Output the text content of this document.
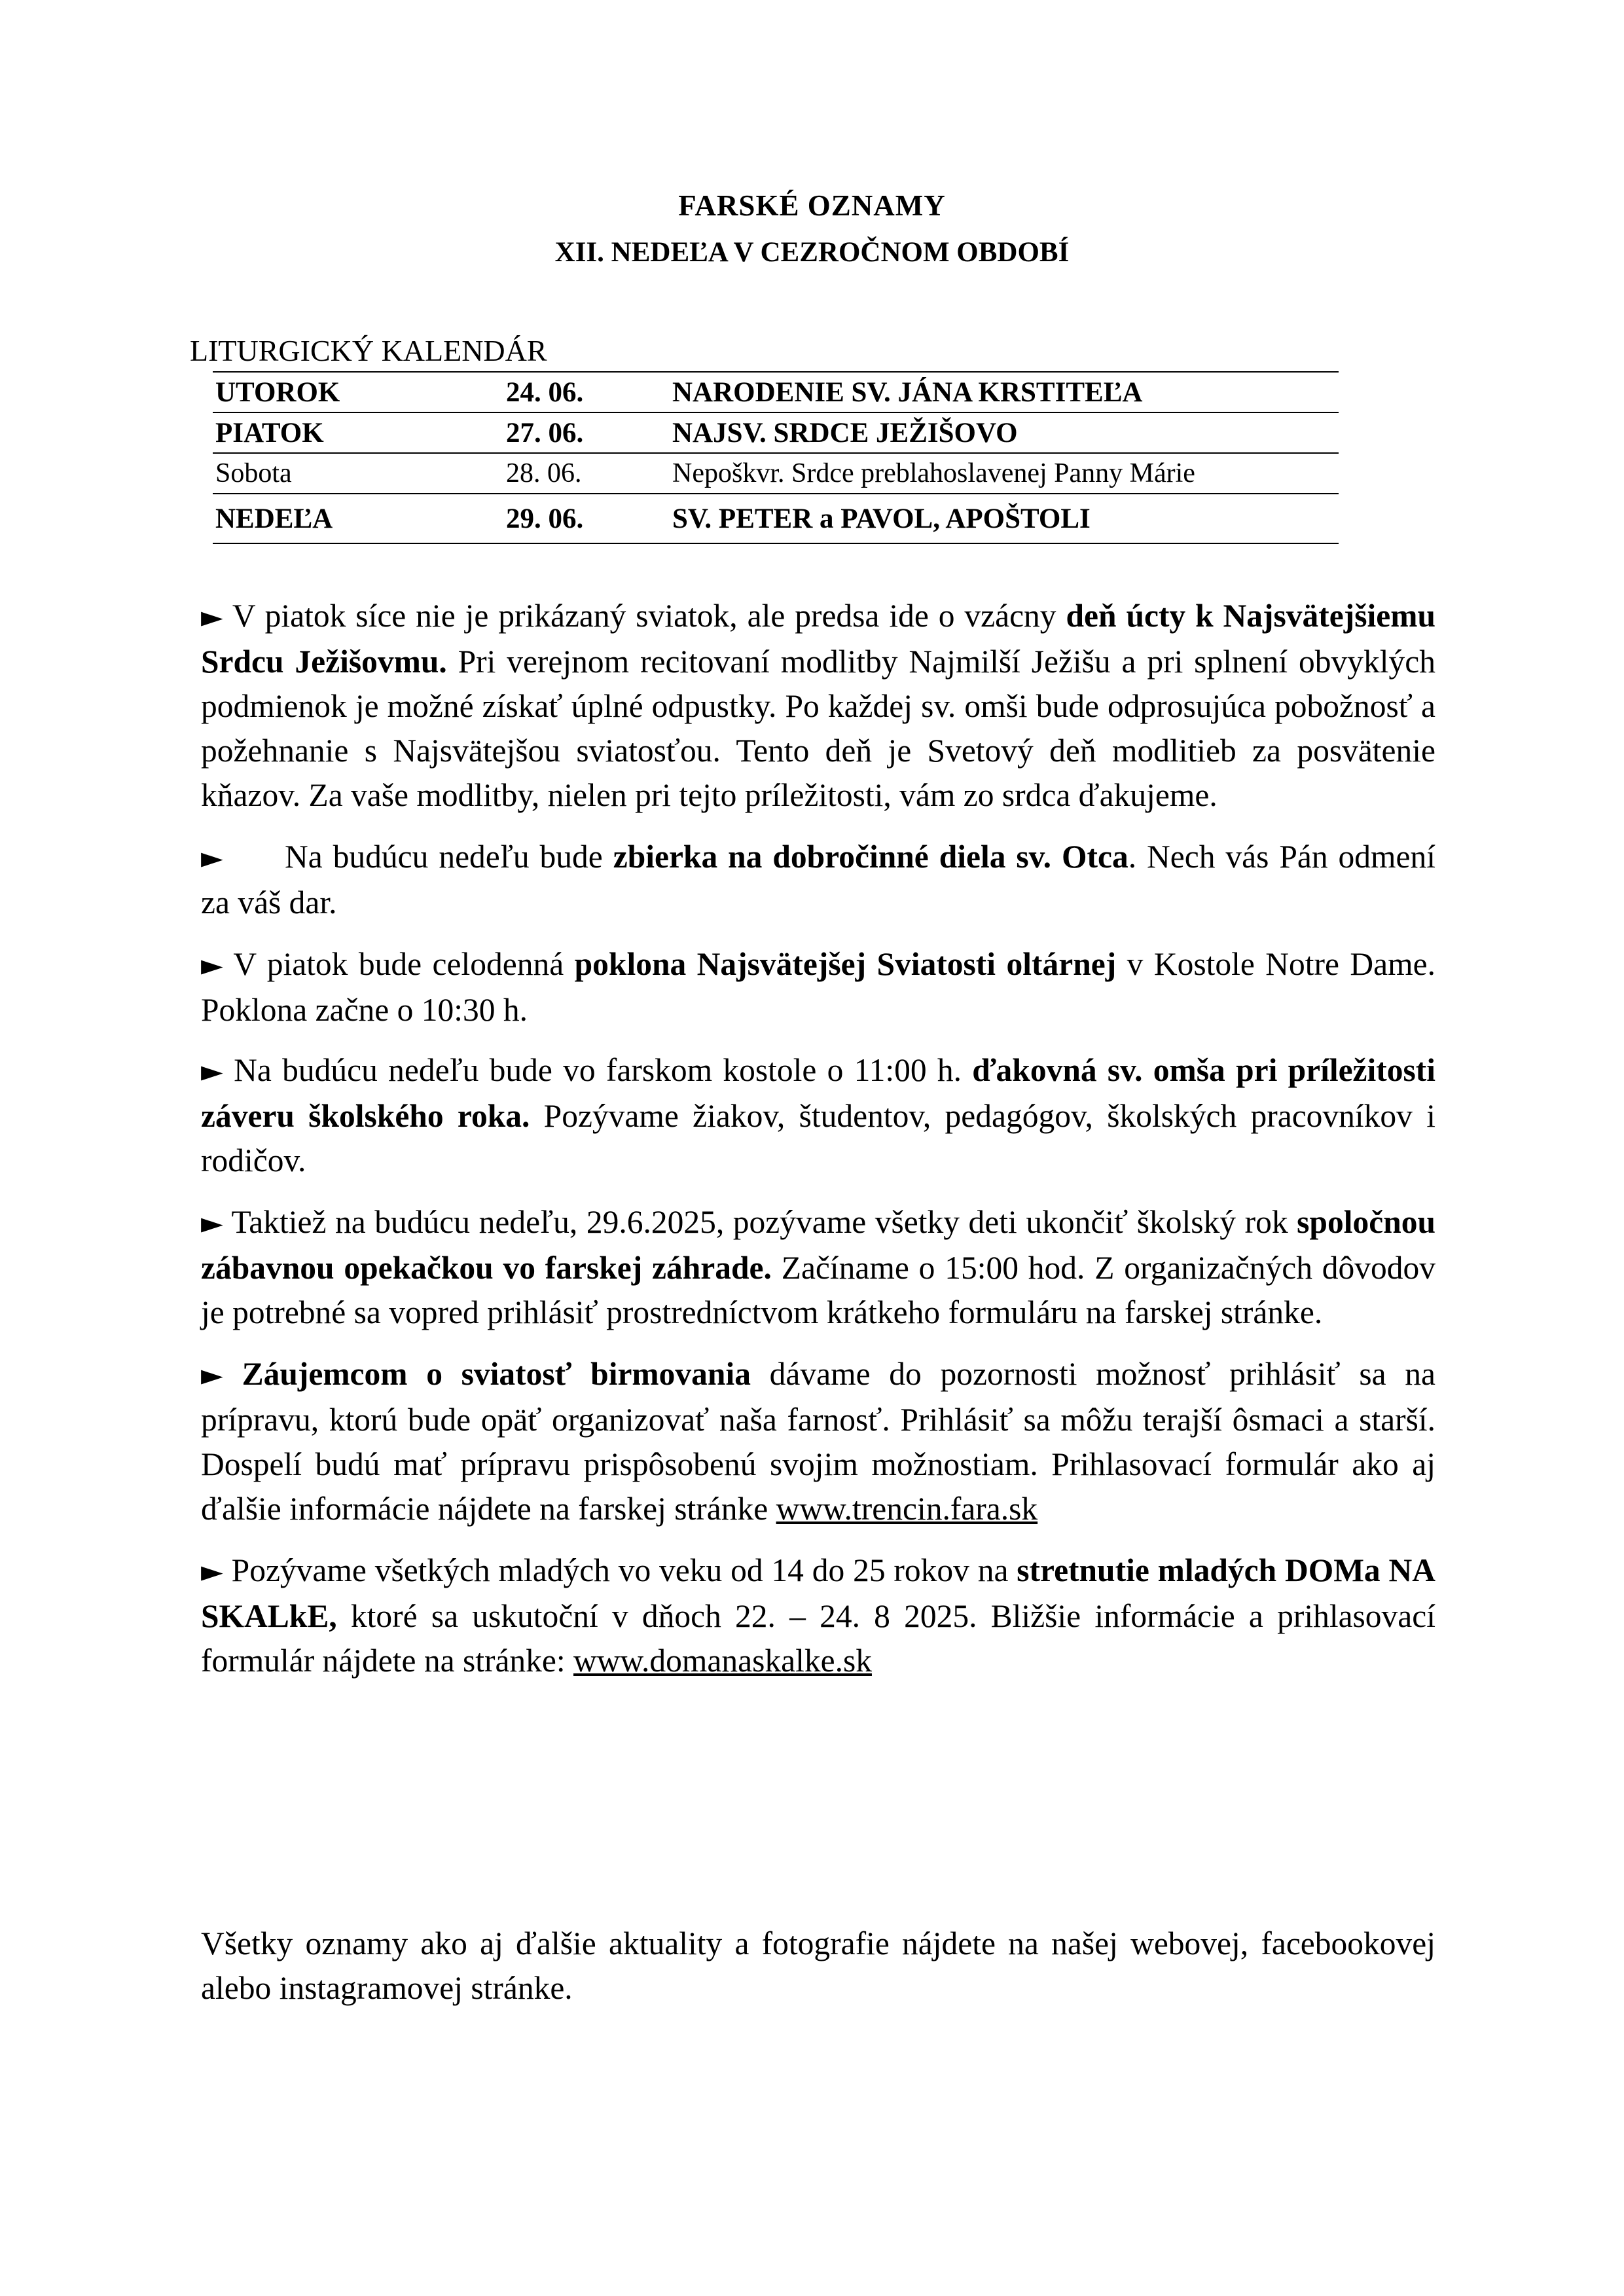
FARSKÉ OZNAMY
XII. NEDEĽA V CEZROČNOM OBDOBÍ
LITURGICKÝ KALENDÁR
UTOROK	24. 06.	NARODENIE SV. JÁNA KRSTITEĽA
PIATOK	27. 06.	NAJSV. SRDCE JEŽIŠOVO
Sobota	28. 06.	Nepoškvr. Srdce preblahoslavenej Panny Márie
NEDEĽA	29. 06.	SV. PETER a PAVOL, APOŠTOLI

► V piatok síce nie je prikázaný sviatok, ale predsa ide o vzácny deň úcty k Najsvätejšiemu Srdcu Ježišovmu. Pri verejnom recitovaní modlitby Najmilší Ježišu a pri splnení obvyklých podmienok je možné získať úplné odpustky. Po každej sv. omši bude odprosujúca pobožnosť a požehnanie s Najsvätejšou sviatosťou. Tento deň je Svetový deň modlitieb za posvätenie kňazov. Za vaše modlitby, nielen pri tejto príležitosti, vám zo srdca ďakujeme.

► Na budúcu nedeľu bude zbierka na dobročinné diela sv. Otca. Nech vás Pán odmení za váš dar.

► V piatok bude celodenná poklona Najsvätejšej Sviatosti oltárnej v Kostole Notre Dame. Poklona začne o 10:30 h.

► Na budúcu nedeľu bude vo farskom kostole o 11:00 h. ďakovná sv. omša pri príležitosti záveru školského roka. Pozývame žiakov, študentov, pedagógov, školských pracovníkov i rodičov.

► Taktiež na budúcu nedeľu, 29.6.2025, pozývame všetky deti ukončiť školský rok spoločnou zábavnou opekačkou vo farskej záhrade. Začíname o 15:00 hod. Z organizačných dôvodov je potrebné sa vopred prihlásiť prostredníctvom krátkeho formuláru na farskej stránke.

► Záujemcom o sviatosť birmovania dávame do pozornosti možnosť prihlásiť sa na prípravu, ktorú bude opäť organizovať naša farnosť. Prihlásiť sa môžu terajší ôsmaci a starší. Dospelí budú mať prípravu prispôsobenú svojim možnostiam. Prihlasovací formulár ako aj ďalšie informácie nájdete na farskej stránke www.trencin.fara.sk

► Pozývame všetkých mladých vo veku od 14 do 25 rokov na stretnutie mladých DOMa NA SKALkE, ktoré sa uskutoční v dňoch 22. – 24. 8 2025. Bližšie informácie a prihlasovací formulár nájdete na stránke: www.domanaskalke.sk

Všetky oznamy ako aj ďalšie aktuality a fotografie nájdete na našej webovej, facebookovej alebo instagramovej stránke.
